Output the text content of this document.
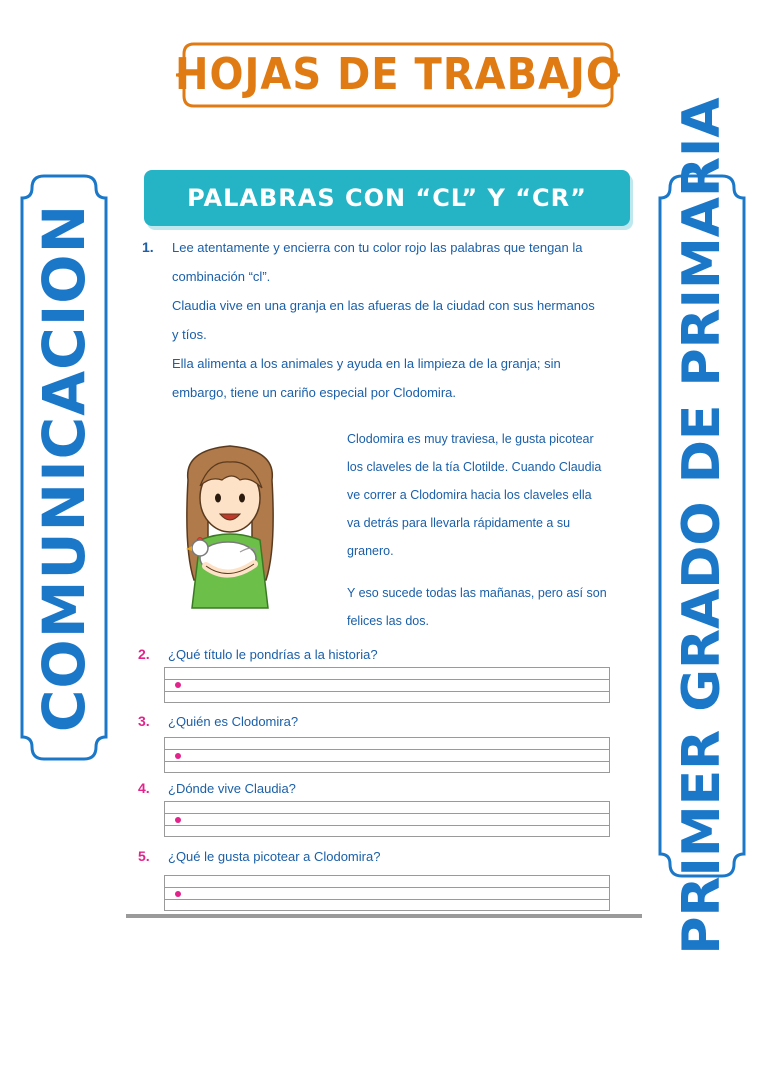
HOJAS DE TRABAJO
COMUNICACION	PRIMER GRADO DE PRIMARIA
PALABRAS CON “CL” Y “CR”
1. Lee atentamente y encierra con tu color rojo las palabras que tengan la
combinación “cl”.
Claudia vive en una granja en las afueras de la ciudad con sus hermanos
y tíos.
Ella alimenta a los animales y ayuda en la limpieza de la granja; sin
embargo, tiene un cariño especial por Clodomira.
Clodomira es muy traviesa, le gusta picotear
los claveles de la tía Clotilde. Cuando Claudia
ve correr a Clodomira hacia los claveles ella
va detrás para llevarla rápidamente a su
granero.
Y eso sucede todas las mañanas, pero así son
felices las dos.
2. ¿Qué título le pondrías a la historia?
3. ¿Quién es Clodomira?
4. ¿Dónde vive Claudia?
5. ¿Qué le gusta picotear a Clodomira?
